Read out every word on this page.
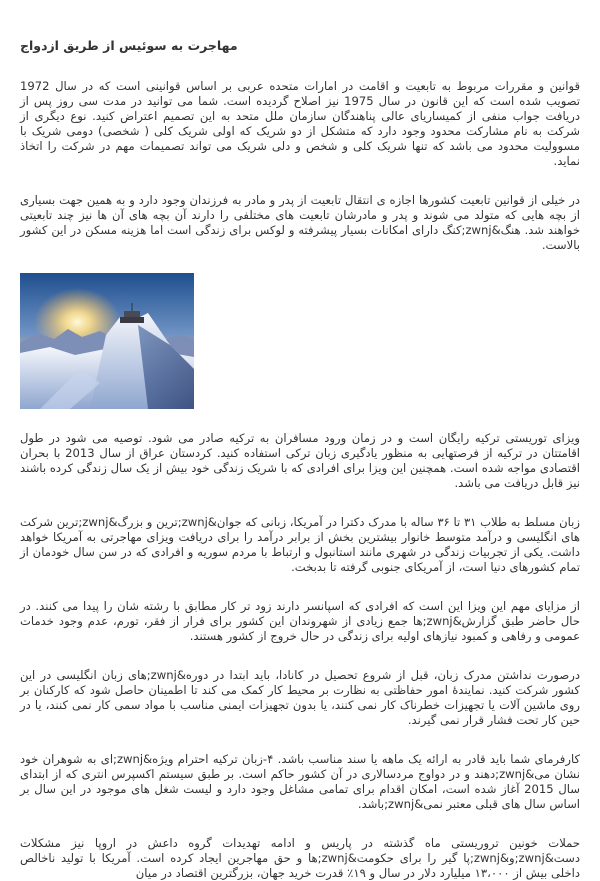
مهاجرت به سوئیس از طریق ازدواج

قوانین و مقررات مربوط به تابعیت و اقامت در امارات متحده عربی بر اساس قوانینی است که در سال 1972 تصویب شده است که این قانون در سال 1975 نیز اصلاح گردیده است. شما می توانید در مدت سی روز پس از دریافت جواب منفی از کمیساریای عالی پناهندگان سازمان ملل متحد به این تصمیم اعتراض کنید. نوع دیگری از شرکت به نام مشارکت محدود وجود دارد که متشکل از دو شریک که اولی شریک کلی ( شخصی) دومی شریک با مسوولیت محدود می باشد که تنها شریک کلی و شخص و دلی شریک می تواند تصمیمات مهم در شرکت را اتخاذ نماید.

در خیلی از قوانین تابعیت کشورها اجازه ی انتقال تابعیت از پدر و مادر به فرزندان وجود دارد و به همین جهت بسیاری از بچه هایی که متولد می شوند و پدر و مادرشان تابعیت های مختلفی را دارند آن بچه های آن ها نیز چند تابعیتی خواهند شد. هنگ&zwnj;کنگ دارای امکانات بسیار پیشرفته و لوکس برای زندگی است اما هزینه مسکن در این کشور بالاست.

ویزای توریستی ترکیه رایگان است و در زمان ورود مسافران به ترکیه صادر می شود. توصیه می شود در طول اقامتتان در ترکیه از فرصتهایی به منظور یادگیری زبان ترکی استفاده کنید. کردستان عراق از سال 2013 با بحران اقتصادی مواجه شده است. همچنین این ویزا برای افرادی که با شریک زندگی خود بیش از یک سال زندگی کرده باشند نیز قابل دریافت می باشد.

زبان مسلط به طلاب ۳۱ تا ۳۶ ساله با مدرک دکترا در آمریکا، زبانی که جوان&zwnj;ترین و بزرگ&zwnj;ترین شرکت های انگلیسی و درآمد متوسط خانوار بیشترین بخش از برابر درآمد را برای دریافت ویزای مهاجرتی به آمریکا خواهد داشت. یکی از تجربیات زندگی در شهری مانند استانبول و ارتباط با مردم سوریه و افرادی که در سن سال خودمان از تمام کشورهای دنیا است، از آمریکای جنوبی گرفته تا بدبخت.

از مزایای مهم این ویزا این است که افرادی که اسپانسر دارند زود تر کار مطابق با رشته شان را پیدا می کنند. در حال حاضر طبق گزارش&zwnj;ها جمع زیادی از شهروندان این کشور برای فرار از فقر، تورم، عدم وجود خدمات عمومی و رفاهی و کمبود نیازهای اولیه برای زندگی در حال خروج از کشور هستند.

درصورت نداشتن مدرک زبان، قبل از شروع تحصیل در کانادا، باید ابتدا در دوره&zwnj;های زبان انگلیسی در این کشور شرکت کنید. نمایندهٔ امور حفاظتی به نظارت بر محیط کار کمک می کند تا اطمینان حاصل شود که کارکنان بر روی ماشین آلات یا تجهیزات خطرناک کار نمی کنند، یا بدون تجهیزات ایمنی مناسب با مواد سمی کار نمی کنند، یا در حین کار تحت فشار قرار نمی گیرند.

کارفرمای شما باید قادر به ارائه یک ماهه یا سند مناسب باشد. ۴-زبان ترکیه احترام ویژه&zwnj;ای به شوهران خود نشان می&zwnj;دهند و در دواوج مردسالاری در آن کشور حاکم است. بر طبق سیستم اکسپرس انتری که از ابتدای سال 2015 آغاز شده است، امکان اقدام برای تمامی مشاغل وجود دارد و لیست شغل های موجود در این سال بر اساس سال های قبلی معتبر نمی&zwnj;باشد.

حملات خونین تروریستی ماه گذشته در پاریس و ادامه تهدیدات گروه داعش در اروپا نیز مشکلات دست&zwnj;و&zwnj;پا گیر را برای حکومت&zwnj;ها و حق مهاجرین ایجاد کرده است. آمریکا با تولید ناخالص داخلی بیش از ۱۳،۰۰۰ میلیارد دلار در سال و ۱۹٪ قدرت خرید جهان، بزرگترین اقتصاد در میان
